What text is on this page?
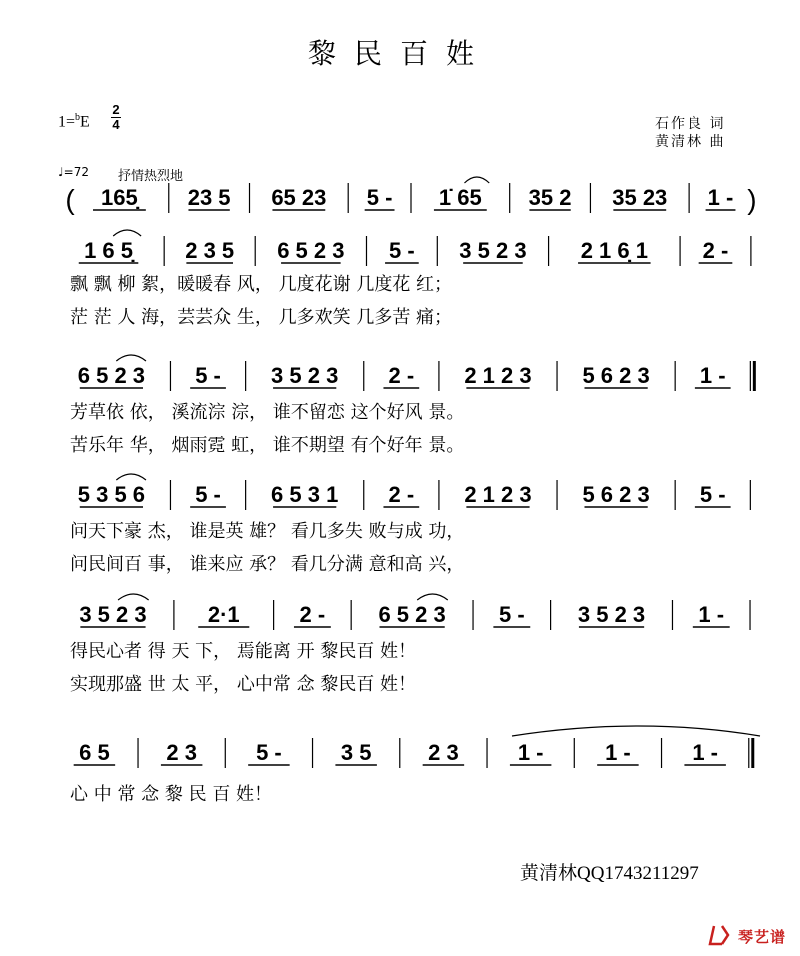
黎民百姓
1=$^b$E
2
4	石作良 词
黄清林 曲
♩=72 抒情热烈地
( 165̣ 23 5 65 23 5 - 1̇ 65 35 2 35 23 1 - )
1 6 5̣ 2 3 5 6 5 2 3 5 - 3 5 2 3 2 1 6̣ 1 2 -
6 5 2 3 5 - 3 5 2 3 2 - 2 1 2 3 5 6 2 3 1 -
5 3 5 6 5 - 6 5 3 1 2 - 2 1 2 3 5 6 2 3 5 -
3 5 2 3	2·1	2 - 6 5 2 3 5 - 3 5 2 3 1 -
6 5	2 3	5 -	3 5	2 3	1 -	1 -	1 -
飘 飘 柳 絮，暖暖春 风， 几度花谢 几度花 红；
茫 茫 人 海，芸芸众 生， 几多欢笑 几多苦 痛；
芳草依 依， 溪流淙 淙， 谁不留恋 这个好风 景。
苦乐年 华， 烟雨霓 虹， 谁不期望 有个好年 景。
问天下豪 杰， 谁是英 雄？ 看几多失 败与成 功，
问民间百 事， 谁来应 承？ 看几分满 意和高 兴，
得民心者 得 天 下， 焉能离 开 黎民百 姓！
实现那盛 世 太 平， 心中常 念 黎民百 姓！
心 中 常 念 黎 民 百 姓！
黄清林QQ1743211297
琴艺谱
